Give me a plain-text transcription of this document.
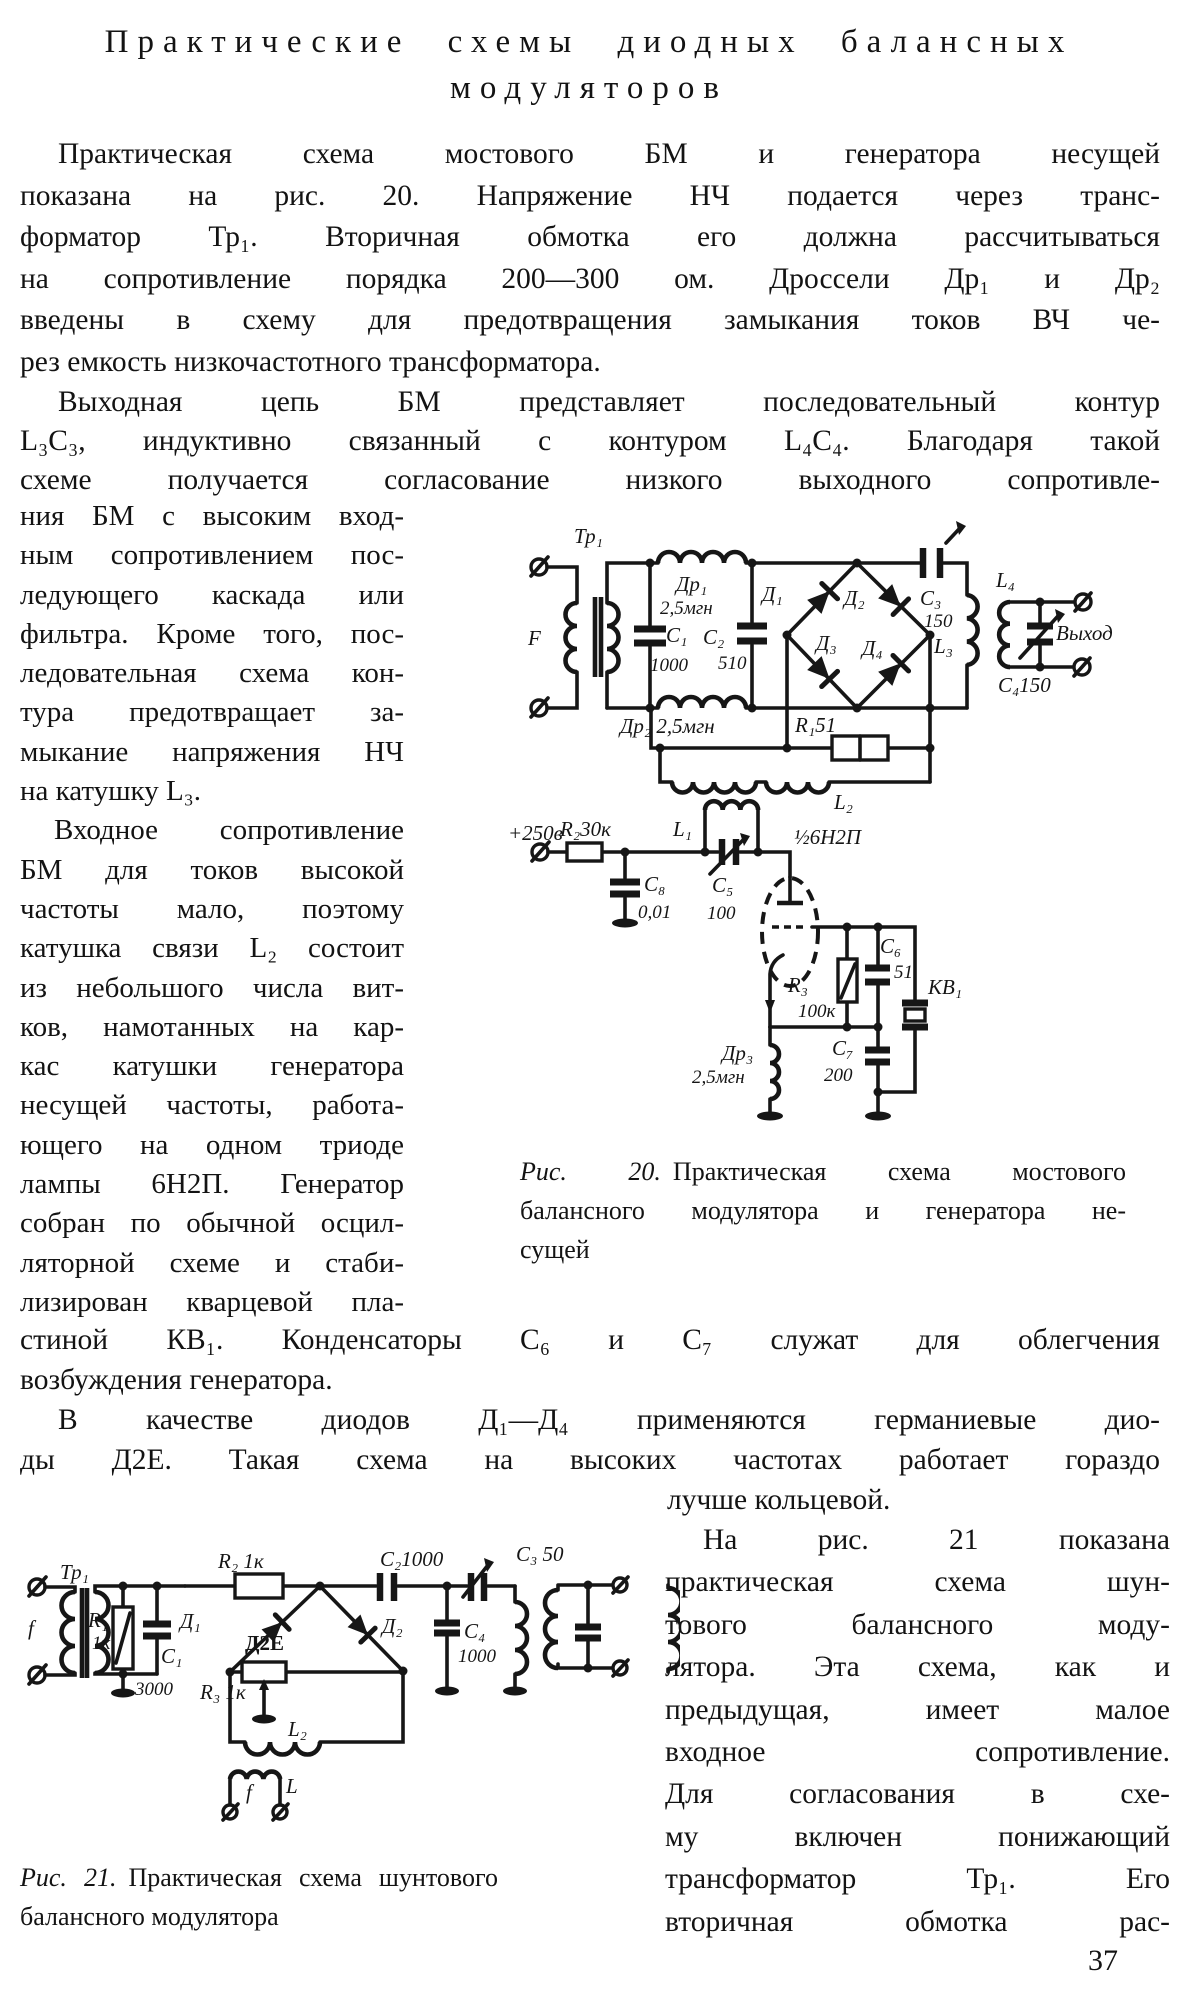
Практические схемы диодных балансных
модуляторов
Практическая схема мостового БМ и генератора несущей
показана на рис. 20. Напряжение НЧ подается через транс-
форматор Тр₁. Вторичная обмотка его должна рассчитываться
на сопротивление порядка 200—300 ом. Дроссели Др₁ и Др₂
введены в схему для предотвращения замыкания токов ВЧ че-
рез емкость низкочастотного трансформатора.
Выходная цепь БМ представляет последовательный контур
L₃C₃, индуктивно связанный с контуром L₄C₄. Благодаря такой
схеме получается согласование низкого выходного сопротивле-
ния БМ с высоким вход-
ным сопротивлением пос-
ледующего каскада или
фильтра. Кроме того, пос-
ледовательная схема кон-
тура предотвращает за-
мыкание напряжения НЧ
на катушку L₃.
Входное сопротивление
БМ для токов высокой
частоты мало, поэтому
катушка связи L₂ состоит
из небольшого числа вит-
ков, намотанных на кар-
кас катушки генератора
несущей частоты, работа-
ющего на одном триоде
лампы 6Н2П. Генератор
собран по обычной осцил-
ляторной схеме и стаби-
лизирован кварцевой пла-
стиной КВ₁. Конденсаторы С₆ и С₇ служат для облегчения
возбуждения генератора.
В качестве диодов Д₁—Д₄ применяются германиевые дио-
ды Д2Е. Такая схема на высоких частотах работает гораздо
лучше кольцевой.
На рис. 21 показана
практическая схема шун-
тового балансного моду-
лятора. Эта схема, как и
предыдущая, имеет малое
входное сопротивление.
Для согласования в схе-
му включен понижающий
трансформатор Тр₁. Его
вторичная обмотка рас-
Тр₁
F
Др₁
2,5мгн
С₁ С₂
1000 510
Д₁	Д₂
Д₃ Д₄
С₃
150
L₃
L₄
Выход
С₄150
Др₂ 2,5мгн	R₁51
L₂
+250в
R₂30к
С₈
0,01
L₁
С₅
100
½6Н2П
R₃
100к
С₆
51
КВ₁
Др₃
2,5мгн
С₇
200
Рис. 20. Практическая схема мостового
балансного модулятора и генератора не-
сущей
Тр₁
f	R₁
1к
С₁
3000
R₂ 1к
Д₁	Д₂
Д2Е
С₂1000	С₃ 50
С₄
1000
R₃ 1к
L₂
f L
Рис. 21. Практическая схема шунтового
балансного модулятора
37
